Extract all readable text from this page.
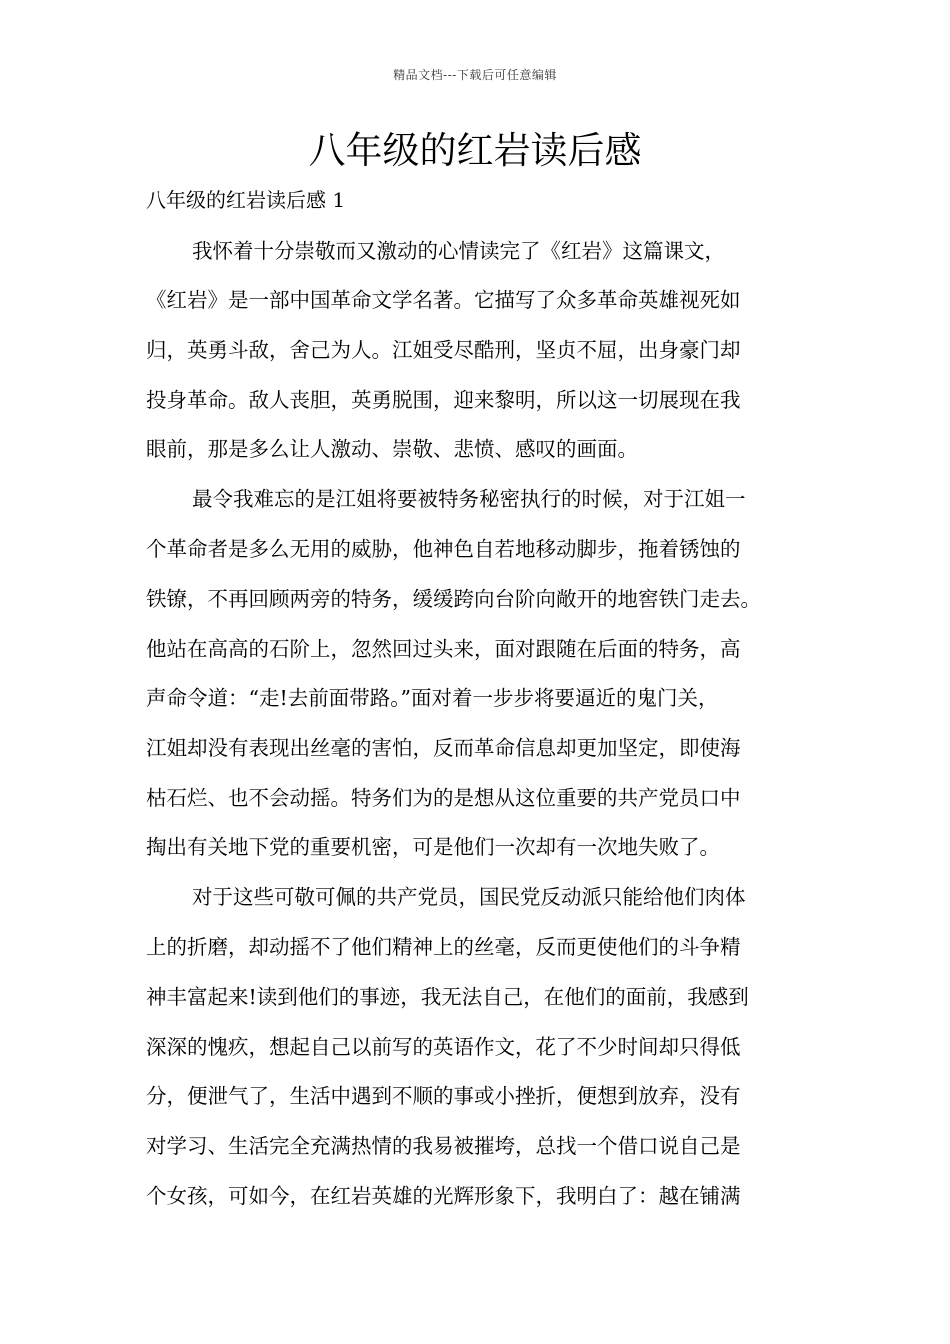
精品文档---下载后可任意编辑
八年级的红岩读后感
八年级的红岩读后感 1
我怀着十分崇敬而又激动的心情读完了《红岩》这篇课文，
《红岩》是一部中国革命文学名著。它描写了众多革命英雄视死如
归，英勇斗敌，舍己为人。江姐受尽酷刑，坚贞不屈，出身豪门却
投身革命。敌人丧胆，英勇脱围，迎来黎明，所以这一切展现在我
眼前，那是多么让人激动、崇敬、悲愤、感叹的画面。
最令我难忘的是江姐将要被特务秘密执行的时候，对于江姐一
个革命者是多么无用的威胁，他神色自若地移动脚步，拖着锈蚀的
铁镣，不再回顾两旁的特务，缓缓跨向台阶向敞开的地窖铁门走去。
他站在高高的石阶上，忽然回过头来，面对跟随在后面的特务，高
声命令道：“走!去前面带路。”面对着一步步将要逼近的鬼门关，
江姐却没有表现出丝毫的害怕，反而革命信息却更加坚定，即使海
枯石烂、也不会动摇。特务们为的是想从这位重要的共产党员口中
掏出有关地下党的重要机密，可是他们一次却有一次地失败了。
对于这些可敬可佩的共产党员，国民党反动派只能给他们肉体
上的折磨，却动摇不了他们精神上的丝毫，反而更使他们的斗争精
神丰富起来!读到他们的事迹，我无法自己，在他们的面前，我感到
深深的愧疚，想起自己以前写的英语作文，花了不少时间却只得低
分，便泄气了，生活中遇到不顺的事或小挫折，便想到放弃，没有
对学习、生活完全充满热情的我易被摧垮，总找一个借口说自己是
个女孩，可如今，在红岩英雄的光辉形象下，我明白了：越在铺满
